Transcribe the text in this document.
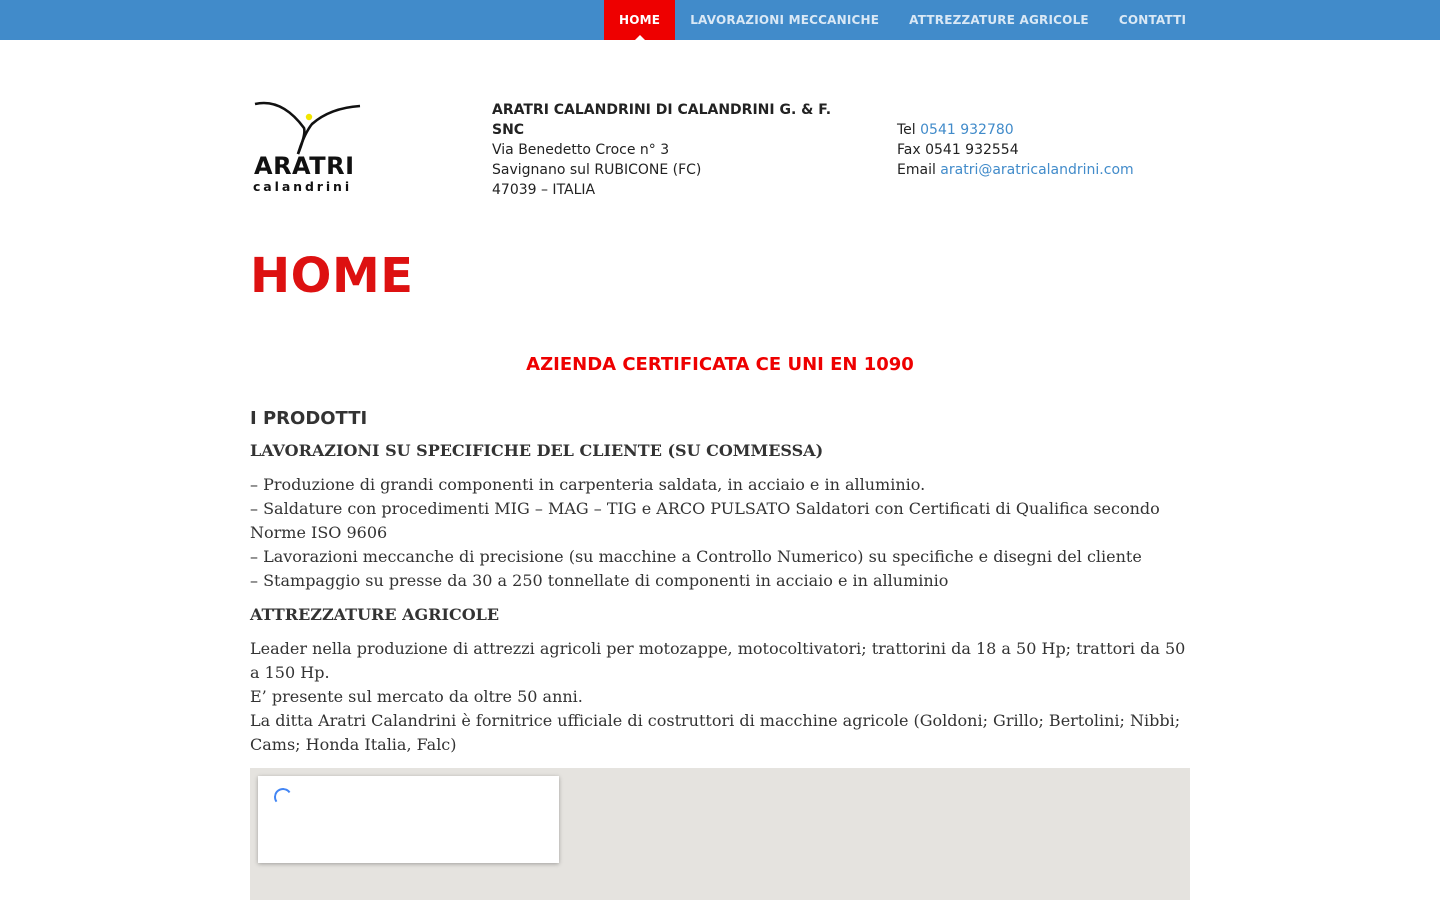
HOME	LAVORAZIONI MECCANICHE	ATTREZZATURE AGRICOLE	CONTATTI
ARATRI
calandrini
ARATRI CALANDRINI DI CALANDRINI G. & F. SNC
Via Benedetto Croce n° 3
Savignano sul RUBICONE (FC)
47039 – ITALIA
Tel 0541 932780
Fax 0541 932554
Email aratri@aratricalandrini.com
HOME
AZIENDA CERTIFICATA CE UNI EN 1090
I PRODOTTI
LAVORAZIONI SU SPECIFICHE DEL CLIENTE (SU COMMESSA)
– Produzione di grandi componenti in carpenteria saldata, in acciaio e in alluminio.
– Saldature con procedimenti MIG – MAG – TIG e ARCO PULSATO Saldatori con Certificati di Qualifica secondo Norme ISO 9606
– Lavorazioni meccanche di precisione (su macchine a Controllo Numerico) su specifiche e disegni del cliente
– Stampaggio su presse da 30 a 250 tonnellate di componenti in acciaio e in alluminio
ATTREZZATURE AGRICOLE
Leader nella produzione di attrezzi agricoli per motozappe, motocoltivatori; trattorini da 18 a 50 Hp; trattori da 50 a 150 Hp.
E’ presente sul mercato da oltre 50 anni.
La ditta Aratri Calandrini è fornitrice ufficiale di costruttori di macchine agricole (Goldoni; Grillo; Bertolini; Nibbi; Cams; Honda Italia, Falc)
